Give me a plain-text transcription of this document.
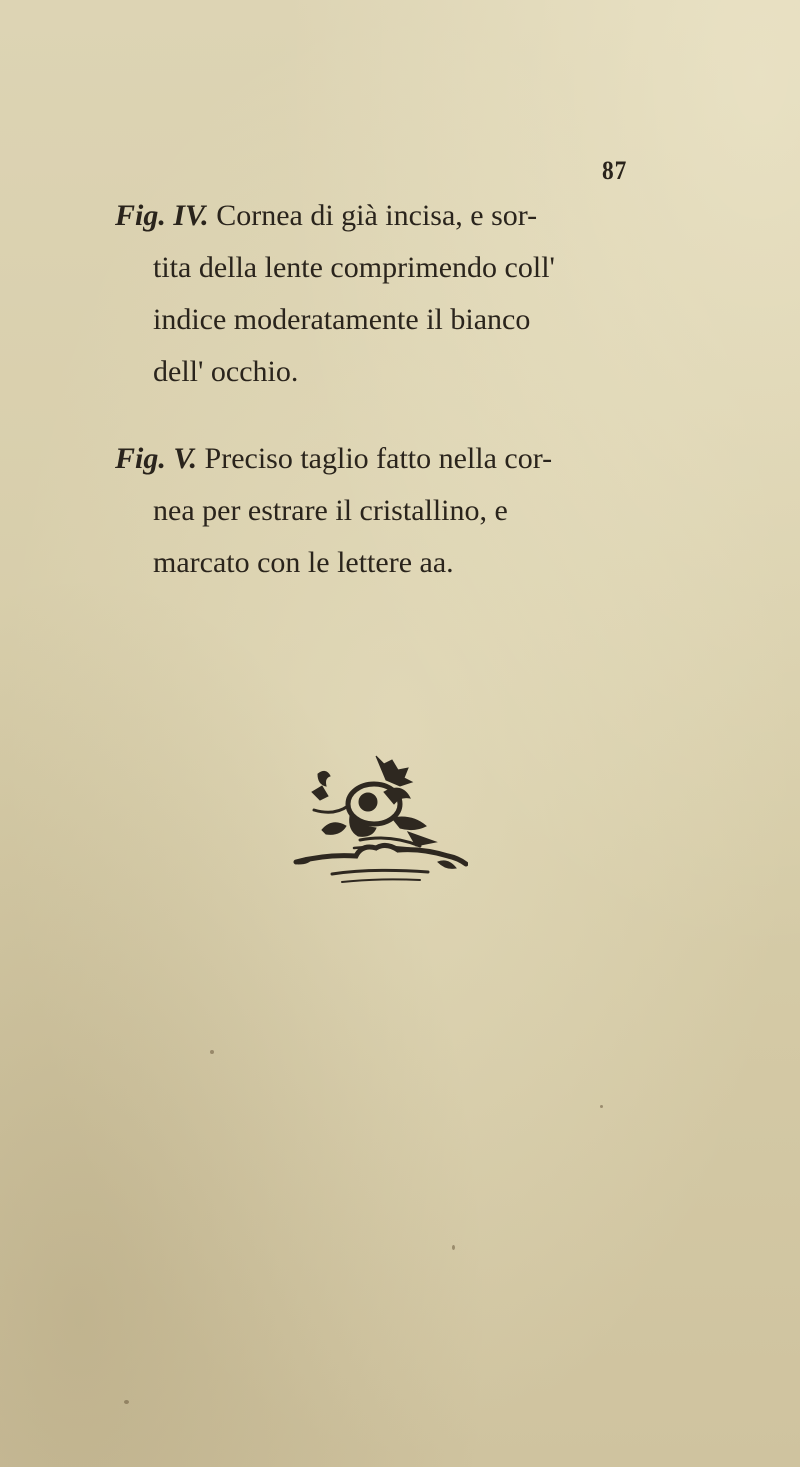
87
Fig. IV. Cornea di già incisa, e sor-
tita della lente comprimendo coll'
indice moderatamente il bianco
dell' occhio.
Fig. V. Preciso taglio fatto nella cor-
nea per estrare il cristallino, e
marcato con le lettere aa.
